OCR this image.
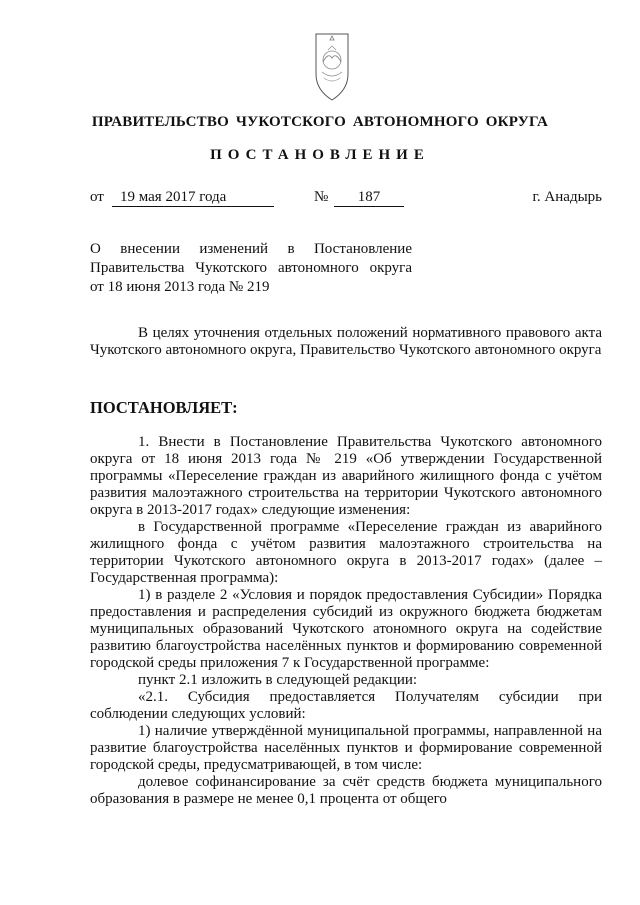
ПРАВИТЕЛЬСТВО ЧУКОТСКОГО АВТОНОМНОГО ОКРУГА
ПОСТАНОВЛЕНИЕ
от	19 мая 2017 года	№	187	г. Анадырь
О внесении изменений в Постановление
Правительства Чукотского автономного округа
от 18 июня 2013 года № 219

В целях уточнения отдельных положений нормативного правового акта Чукотского автономного округа, Правительство Чукотского автономного округа

ПОСТАНОВЛЯЕТ:

1. Внести в Постановление Правительства Чукотского автономного округа от 18 июня 2013 года № 219 «Об утверждении Государственной программы «Переселение граждан из аварийного жилищного фонда с учётом развития малоэтажного строительства на территории Чукотского автономного округа в 2013-2017 годах» следующие изменения:

в Государственной программе «Переселение граждан из аварийного жилищного фонда с учётом развития малоэтажного строительства на территории Чукотского автономного округа в 2013-2017 годах» (далее – Государственная программа):

1) в разделе 2 «Условия и порядок предоставления Субсидии» Порядка предоставления и распределения субсидий из окружного бюджета бюджетам муниципальных образований Чукотского атономного округа на содействие развитию благоустройства населённых пунктов и формированию современной городской среды приложения 7 к Государственной программе:

пункт 2.1 изложить в следующей редакции:

«2.1. Субсидия предоставляется Получателям субсидии при соблюдении следующих условий:

1) наличие утверждённой муниципальной программы, направленной на развитие благоустройства населённых пунктов и формирование современной городской среды, предусматривающей, в том числе:

долевое софинансирование за счёт средств бюджета муниципального образования в размере не менее 0,1 процента от общего
